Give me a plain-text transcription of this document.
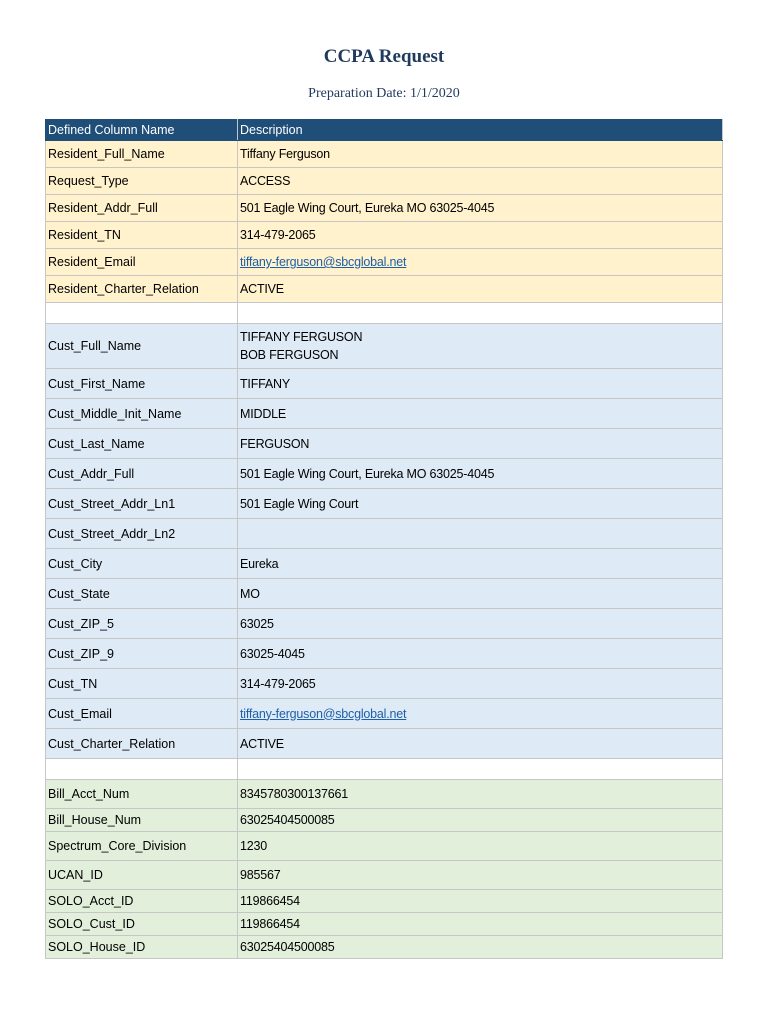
CCPA Request
Preparation Date: 1/1/2020
Defined Column Name	Description
Resident_Full_Name	Tiffany Ferguson
Request_Type	ACCESS
Resident_Addr_Full	501 Eagle Wing Court, Eureka MO 63025-4045
Resident_TN	314-479-2065
Resident_Email	tiffany-ferguson@sbcglobal.net
Resident_Charter_Relation	ACTIVE

Cust_Full_Name	TIFFANY FERGUSON
BOB FERGUSON

Cust_First_Name	TIFFANY
Cust_Middle_Init_Name	MIDDLE
Cust_Last_Name	FERGUSON
Cust_Addr_Full	501 Eagle Wing Court, Eureka MO 63025-4045
Cust_Street_Addr_Ln1	501 Eagle Wing Court
Cust_Street_Addr_Ln2	
Cust_City	Eureka
Cust_State	MO
Cust_ZIP_5	63025
Cust_ZIP_9	63025-4045
Cust_TN	314-479-2065
Cust_Email	tiffany-ferguson@sbcglobal.net
Cust_Charter_Relation	ACTIVE

Bill_Acct_Num	8345780300137661
Bill_House_Num	63025404500085
Spectrum_Core_Division	1230
UCAN_ID	985567
SOLO_Acct_ID	119866454
SOLO_Cust_ID	119866454
SOLO_House_ID	63025404500085
